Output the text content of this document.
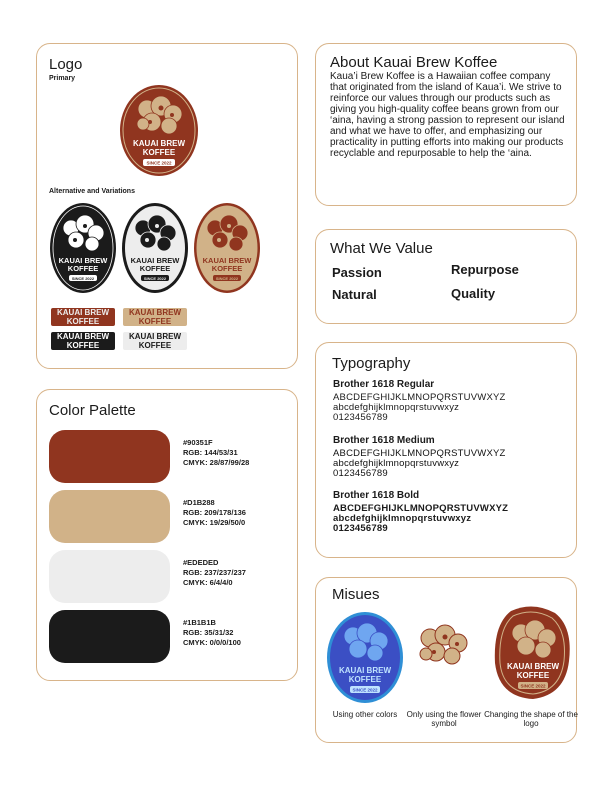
Logo
Primary
KAUAI BREW
KOFFEE
SINCE 2022
Alternative and Variations
KAUAI BREW
KOFFEE
SINCE 2022
KAUAI BREW
KOFFEE
SINCE 2022
KAUAI BREW
KOFFEE
SINCE 2022
KAUAI BREW
KOFFEE
KAUAI BREW
KOFFEE
KAUAI BREW
KOFFEE
KAUAI BREW
KOFFEE
Color Palette
#90351F
RGB: 144/53/31
CMYK: 28/87/99/28
#D1B288
RGB: 209/178/136
CMYK: 19/29/50/0
#EDEDED
RGB: 237/237/237
CMYK: 6/4/4/0
#1B1B1B
RGB: 35/31/32
CMYK: 0/0/0/100
About Kauai Brew Koffee

Kaua’i Brew Koffee is a Hawaiian coffee company that originated from the island of Kaua’i. We strive to reinforce our values through our products such as giving you high-quality coffee beans grown from our ‘aina, having a strong passion to represent our island and what we have to offer, and emphasizing our practicality in putting efforts into making our products recyclable and repurposable to help the ‘aina.

What We Value
Passion	Repurpose
Natural	Quality
Typography
Brother 1618 Regular
ABCDEFGHIJKLMNOPQRSTUVWXYZ
abcdefghijklmnopqrstuvwxyz
0123456789
Brother 1618 Medium
ABCDEFGHIJKLMNOPQRSTUVWXYZ
abcdefghijklmnopqrstuvwxyz
0123456789
Brother 1618 Bold
ABCDEFGHIJKLMNOPQRSTUVWXYZ
abcdefghijklmnopqrstuvwxyz
0123456789
Misues
KAUAI BREW
KOFFEE
SINCE 2022
Using other colors	Only using the flower symbol
KAUAI BREW
KOFFEE
SINCE 2022
Changing the shape of the logo
